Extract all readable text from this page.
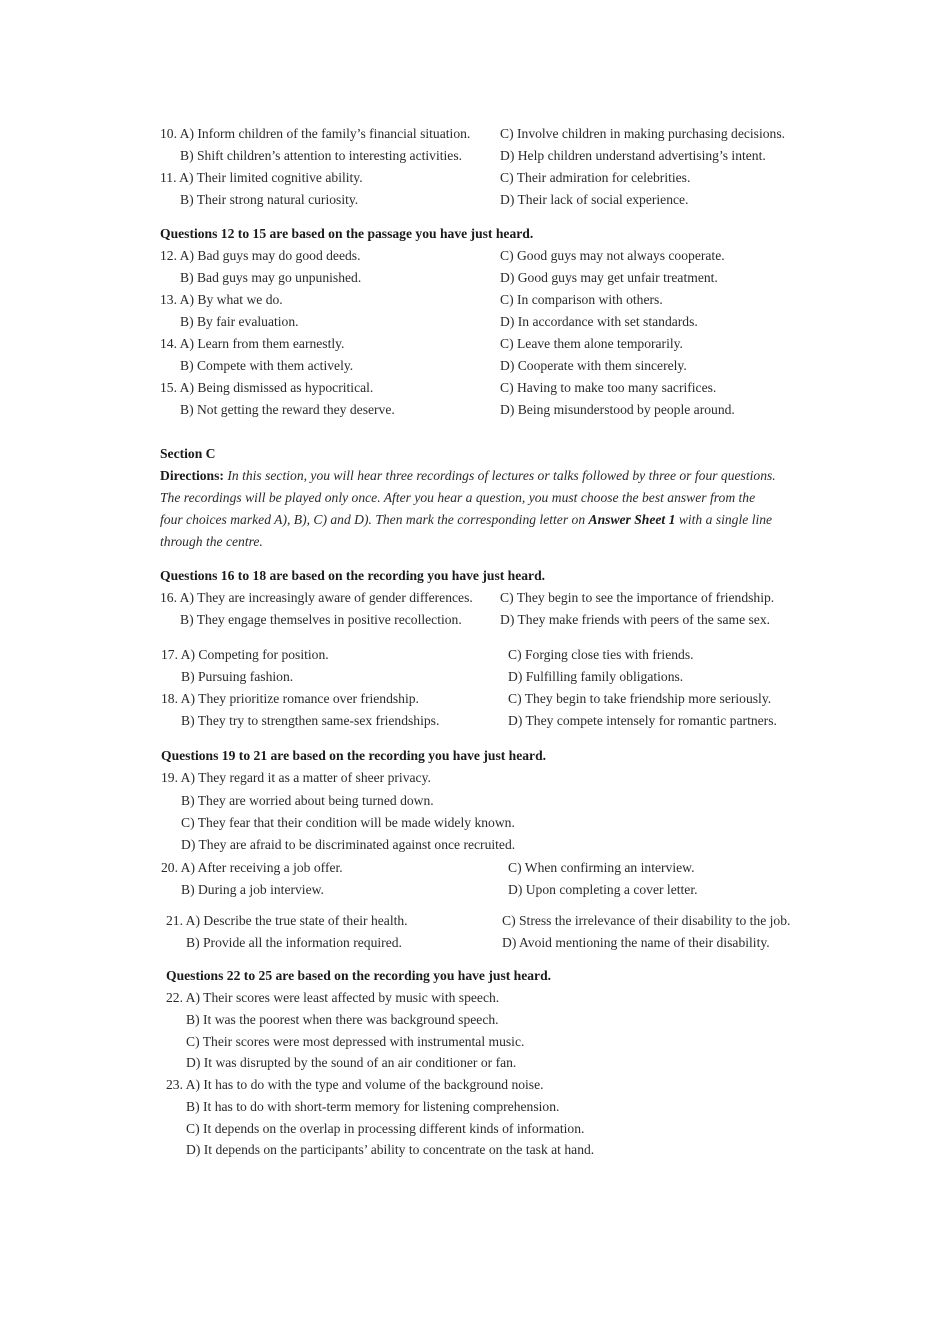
10. A) Inform children of the family’s financial situation. C) Involve children in making purchasing decisions.
B) Shift children’s attention to interesting activities.	D) Help children understand advertising’s intent.
11. A) Their limited cognitive ability.	C) Their admiration for celebrities.
B) Their strong natural curiosity.	D) Their lack of social experience.
Questions 12 to 15 are based on the passage you have just heard.
12. A) Bad guys may do good deeds.	C) Good guys may not always cooperate.
B) Bad guys may go unpunished.	D) Good guys may get unfair treatment.
13. A) By what we do.	C) In comparison with others.
B) By fair evaluation.	D) In accordance with set standards.
14. A) Learn from them earnestly.	C) Leave them alone temporarily.
B) Compete with them actively.	D) Cooperate with them sincerely.
15. A) Being dismissed as hypocritical.	C) Having to make too many sacrifices.
B) Not getting the reward they deserve.	D) Being misunderstood by people around.
Section C
Directions: In this section, you will hear three recordings of lectures or talks followed by three or four questions.
The recordings will be played only once. After you hear a question, you must choose the best answer from the
four choices marked A), B), C) and D). Then mark the corresponding letter on Answer Sheet 1 with a single line
through the centre.
Questions 16 to 18 are based on the recording you have just heard.
16. A) They are increasingly aware of gender differences. C) They begin to see the importance of friendship.
B) They engage themselves in positive recollection.	D) They make friends with peers of the same sex.
17. A) Competing for position.	C) Forging close ties with friends.
B) Pursuing fashion.	D) Fulfilling family obligations.
18. A) They prioritize romance over friendship.	C) They begin to take friendship more seriously.
B) They try to strengthen same-sex friendships.	D) They compete intensely for romantic partners.
Questions 19 to 21 are based on the recording you have just heard.
19. A) They regard it as a matter of sheer privacy.
B) They are worried about being turned down.
C) They fear that their condition will be made widely known.
D) They are afraid to be discriminated against once recruited.
20. A) After receiving a job offer.	C) When confirming an interview.
B) During a job interview.	D) Upon completing a cover letter.
21. A) Describe the true state of their health.	C) Stress the irrelevance of their disability to the job.
B) Provide all the information required.	D) Avoid mentioning the name of their disability.
Questions 22 to 25 are based on the recording you have just heard.
22. A) Their scores were least affected by music with speech.
B) It was the poorest when there was background speech.
C) Their scores were most depressed with instrumental music.
D) It was disrupted by the sound of an air conditioner or fan.
23. A) It has to do with the type and volume of the background noise.
B) It has to do with short-term memory for listening comprehension.
C) It depends on the overlap in processing different kinds of information.
D) It depends on the participants’ ability to concentrate on the task at hand.
